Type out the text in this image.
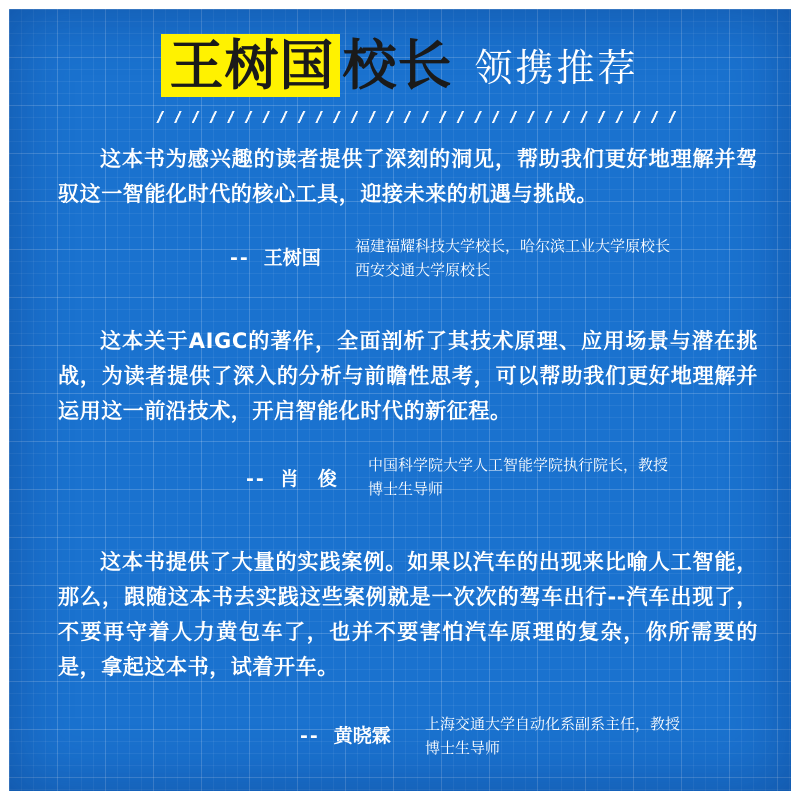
王树国 校长 领携推荐

这本书为感兴趣的读者提供了深刻的洞见，帮助我们更好地理解并驾驭这一智能化时代的核心工具，迎接未来的机遇与挑战。

-- 王树国
福建福耀科技大学校长，哈尔滨工业大学原校长
西安交通大学原校长

这本关于AIGC的著作，全面剖析了其技术原理、应用场景与潜在挑战，为读者提供了深入的分析与前瞻性思考，可以帮助我们更好地理解并运用这一前沿技术，开启智能化时代的新征程。

-- 肖　俊
中国科学院大学人工智能学院执行院长，教授
博士生导师

这本书提供了大量的实践案例。如果以汽车的出现来比喻人工智能，那么，跟随这本书去实践这些案例就是一次次的驾车出行--汽车出现了，不要再守着人力黄包车了，也并不要害怕汽车原理的复杂，你所需要的是，拿起这本书，试着开车。

-- 黄晓霖
上海交通大学自动化系副系主任，教授
博士生导师
